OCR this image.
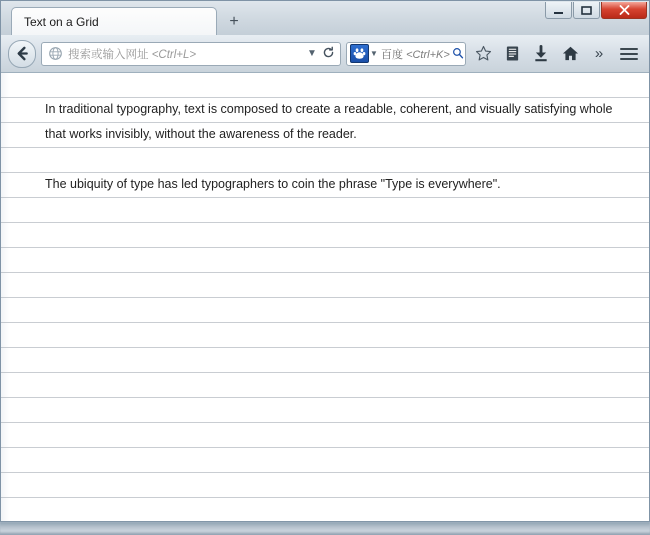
Text on a Grid	+
搜索或输入网址 <Ctrl+L>	▼	▼ 百度 <Ctrl+K>	»
In traditional typography, text is composed to create a readable, coherent, and visually satisfying whole
that works invisibly, without the awareness of the reader.
The ubiquity of type has led typographers to coin the phrase "Type is everywhere".
